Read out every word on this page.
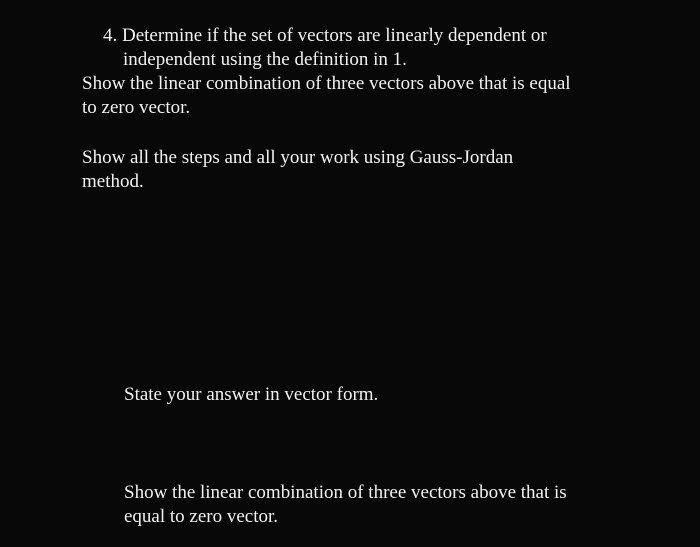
4. Determine if the set of vectors are linearly dependent or
independent using the definition in 1.
Show the linear combination of three vectors above that is equal
to zero vector.
Show all the steps and all your work using Gauss-Jordan
method.
State your answer in vector form.
Show the linear combination of three vectors above that is
equal to zero vector.
